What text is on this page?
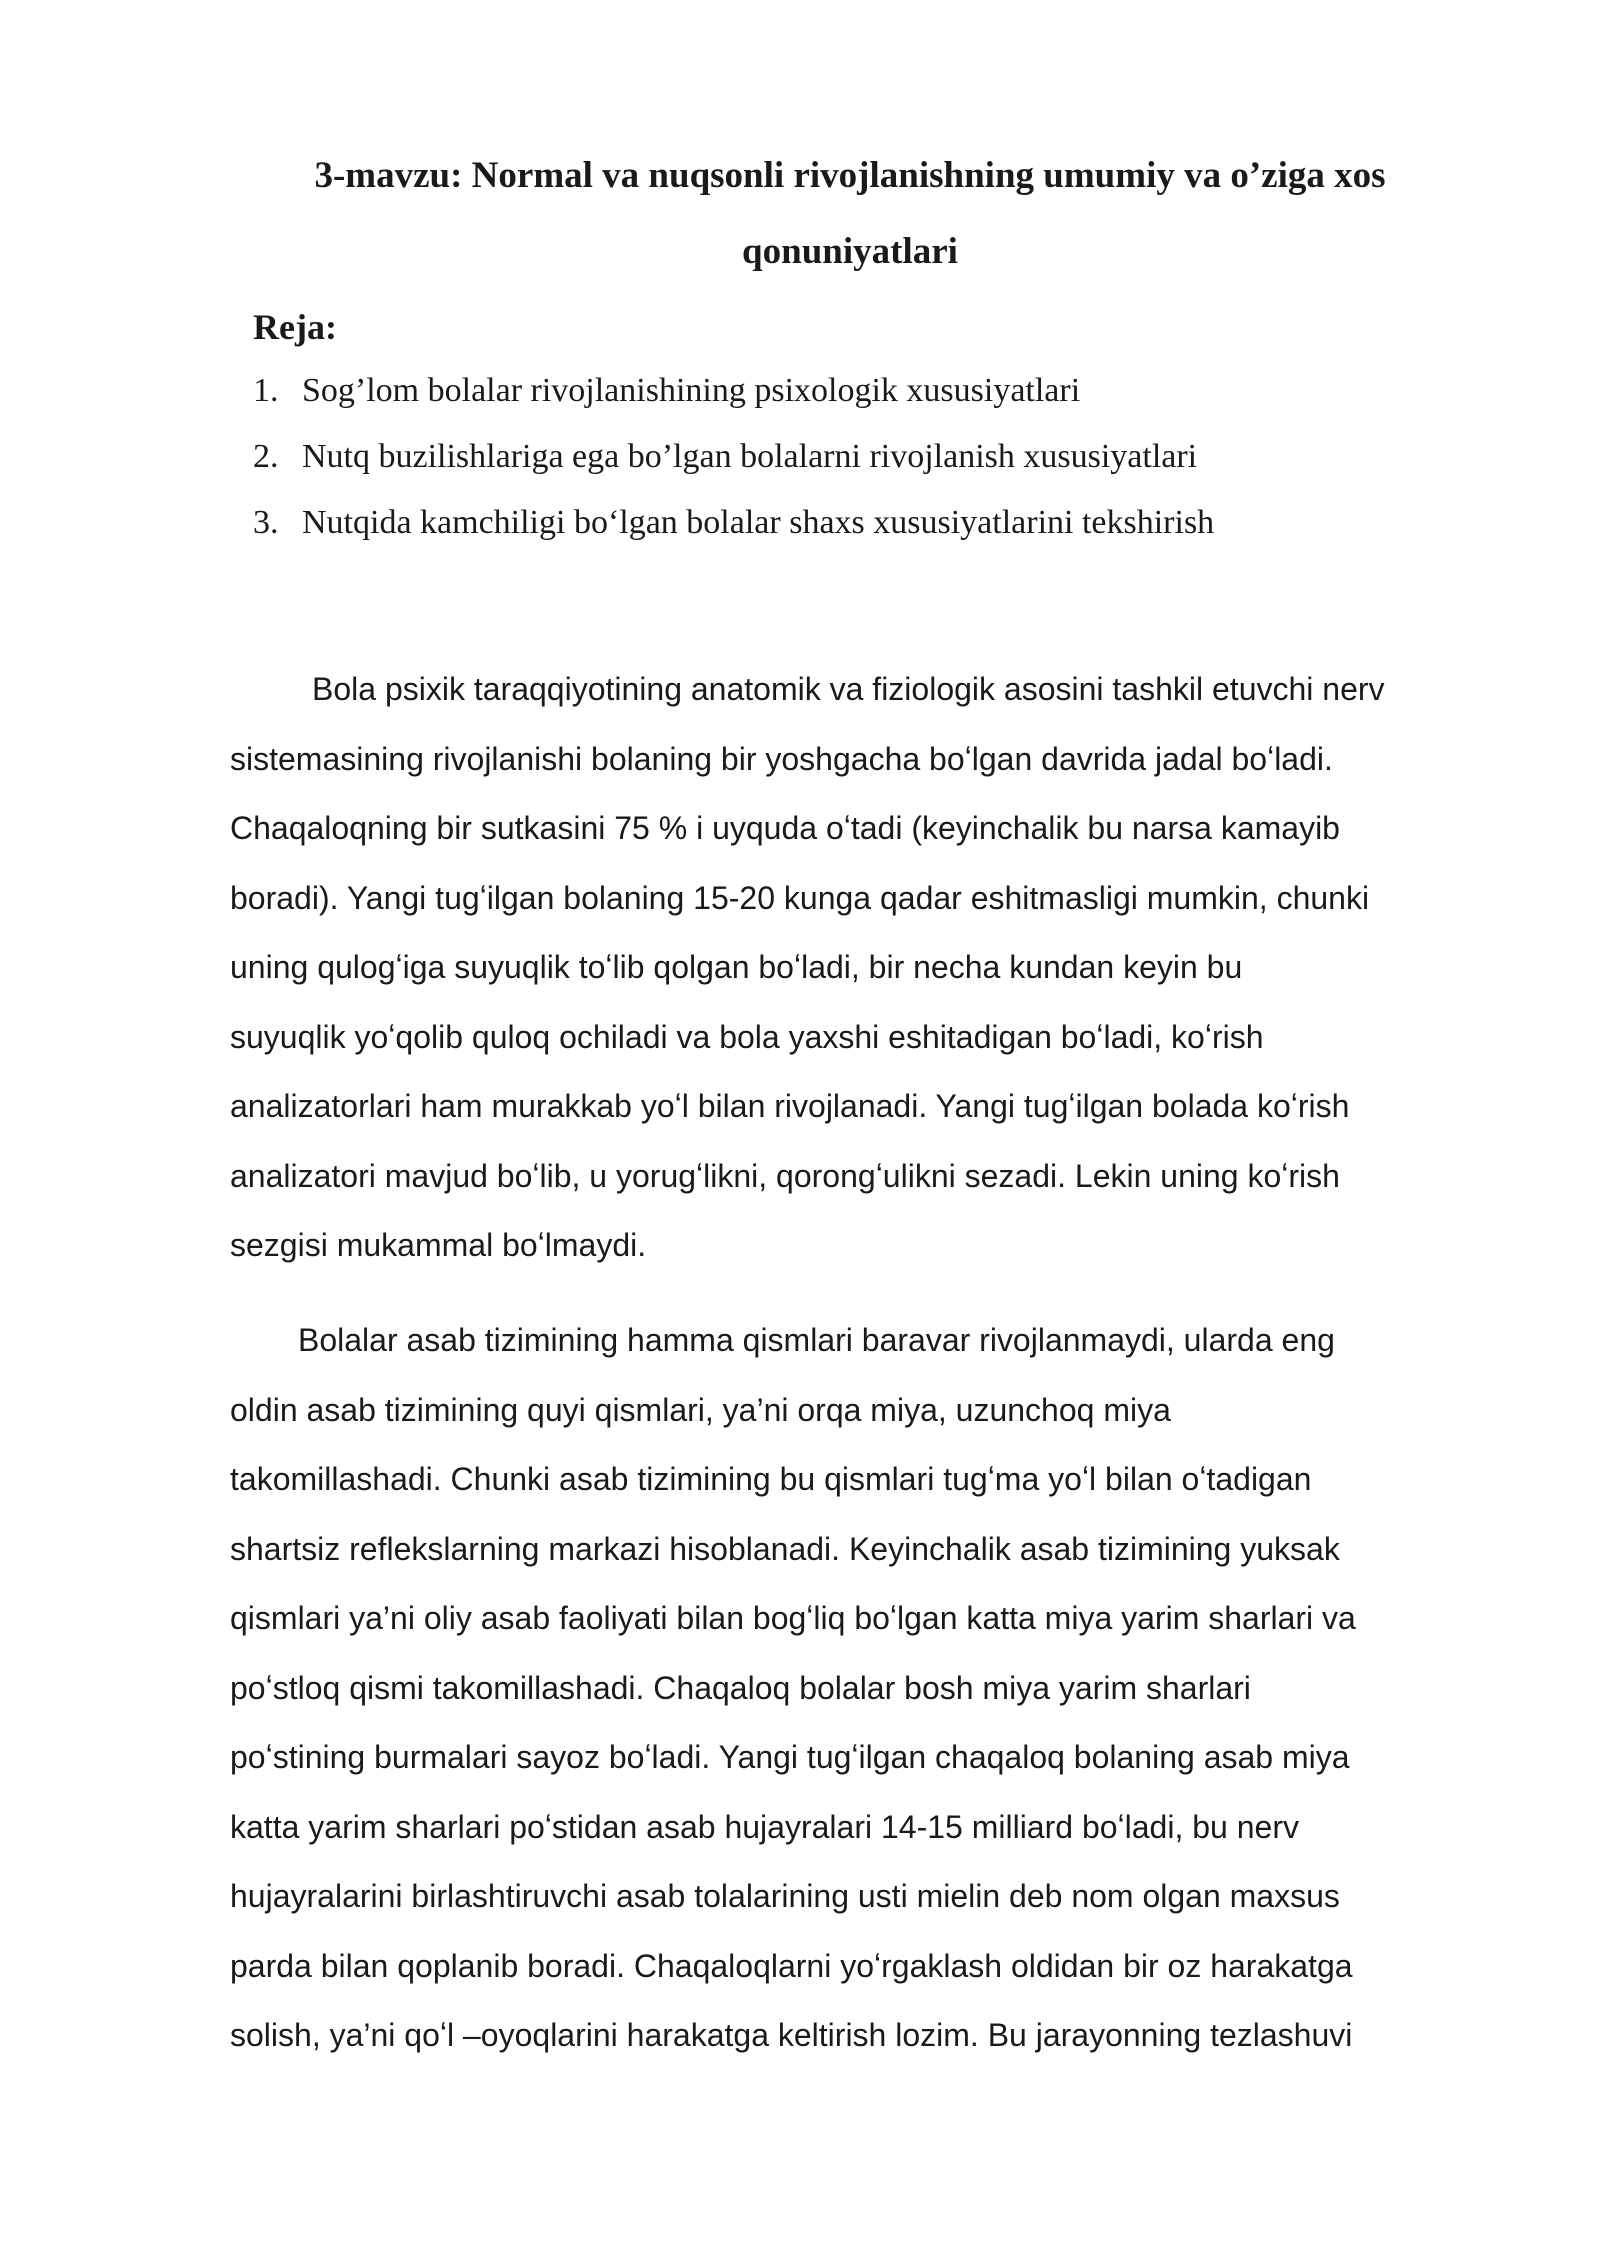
3-mavzu: Normal va nuqsonli rivojlanishning umumiy va o’ziga xos
qonuniyatlari
Reja:
1. Sog’lom bolalar rivojlanishining psixologik xususiyatlari
2. Nutq buzilishlariga ega bo’lgan bolalarni rivojlanish xususiyatlari
3. Nutqida kamchiligi boʻlgan bolalar shaxs xususiyatlarini tekshirish
Bola psixik taraqqiyotining anatomik va fiziologik asosini tashkil etuvchi nerv
sistemasining rivojlanishi bolaning bir yoshgacha boʻlgan davrida jadal boʻladi.
Chaqaloqning bir sutkasini 75 % i uyquda oʻtadi (keyinchalik bu narsa kamayib
boradi). Yangi tugʻilgan bolaning 15-20 kunga qadar eshitmasligi mumkin, chunki
uning qulogʻiga suyuqlik toʻlib qolgan boʻladi, bir necha kundan keyin bu
suyuqlik yoʻqolib quloq ochiladi va bola yaxshi eshitadigan boʻladi, koʻrish
analizatorlari ham murakkab yoʻl bilan rivojlanadi. Yangi tugʻilgan bolada koʻrish
analizatori mavjud boʻlib, u yorugʻlikni, qorongʻulikni sezadi. Lekin uning koʻrish
sezgisi mukammal boʻlmaydi.
Bolalar asab tizimining hamma qismlari baravar rivojlanmaydi, ularda eng
oldin asab tizimining quyi qismlari, ya’ni orqa miya, uzunchoq miya
takomillashadi. Chunki asab tizimining bu qismlari tugʻma yoʻl bilan oʻtadigan
shartsiz reflekslarning markazi hisoblanadi. Keyinchalik asab tizimining yuksak
qismlari ya’ni oliy asab faoliyati bilan bogʻliq boʻlgan katta miya yarim sharlari va
poʻstloq qismi takomillashadi. Chaqaloq bolalar bosh miya yarim sharlari
poʻstining burmalari sayoz boʻladi. Yangi tugʻilgan chaqaloq bolaning asab miya
katta yarim sharlari poʻstidan asab hujayralari 14-15 milliard boʻladi, bu nerv
hujayralarini birlashtiruvchi asab tolalarining usti mielin deb nom olgan maxsus
parda bilan qoplanib boradi. Chaqaloqlarni yoʻrgaklash oldidan bir oz harakatga
solish, ya’ni qoʻl –oyoqlarini harakatga keltirish lozim. Bu jarayonning tezlashuvi
